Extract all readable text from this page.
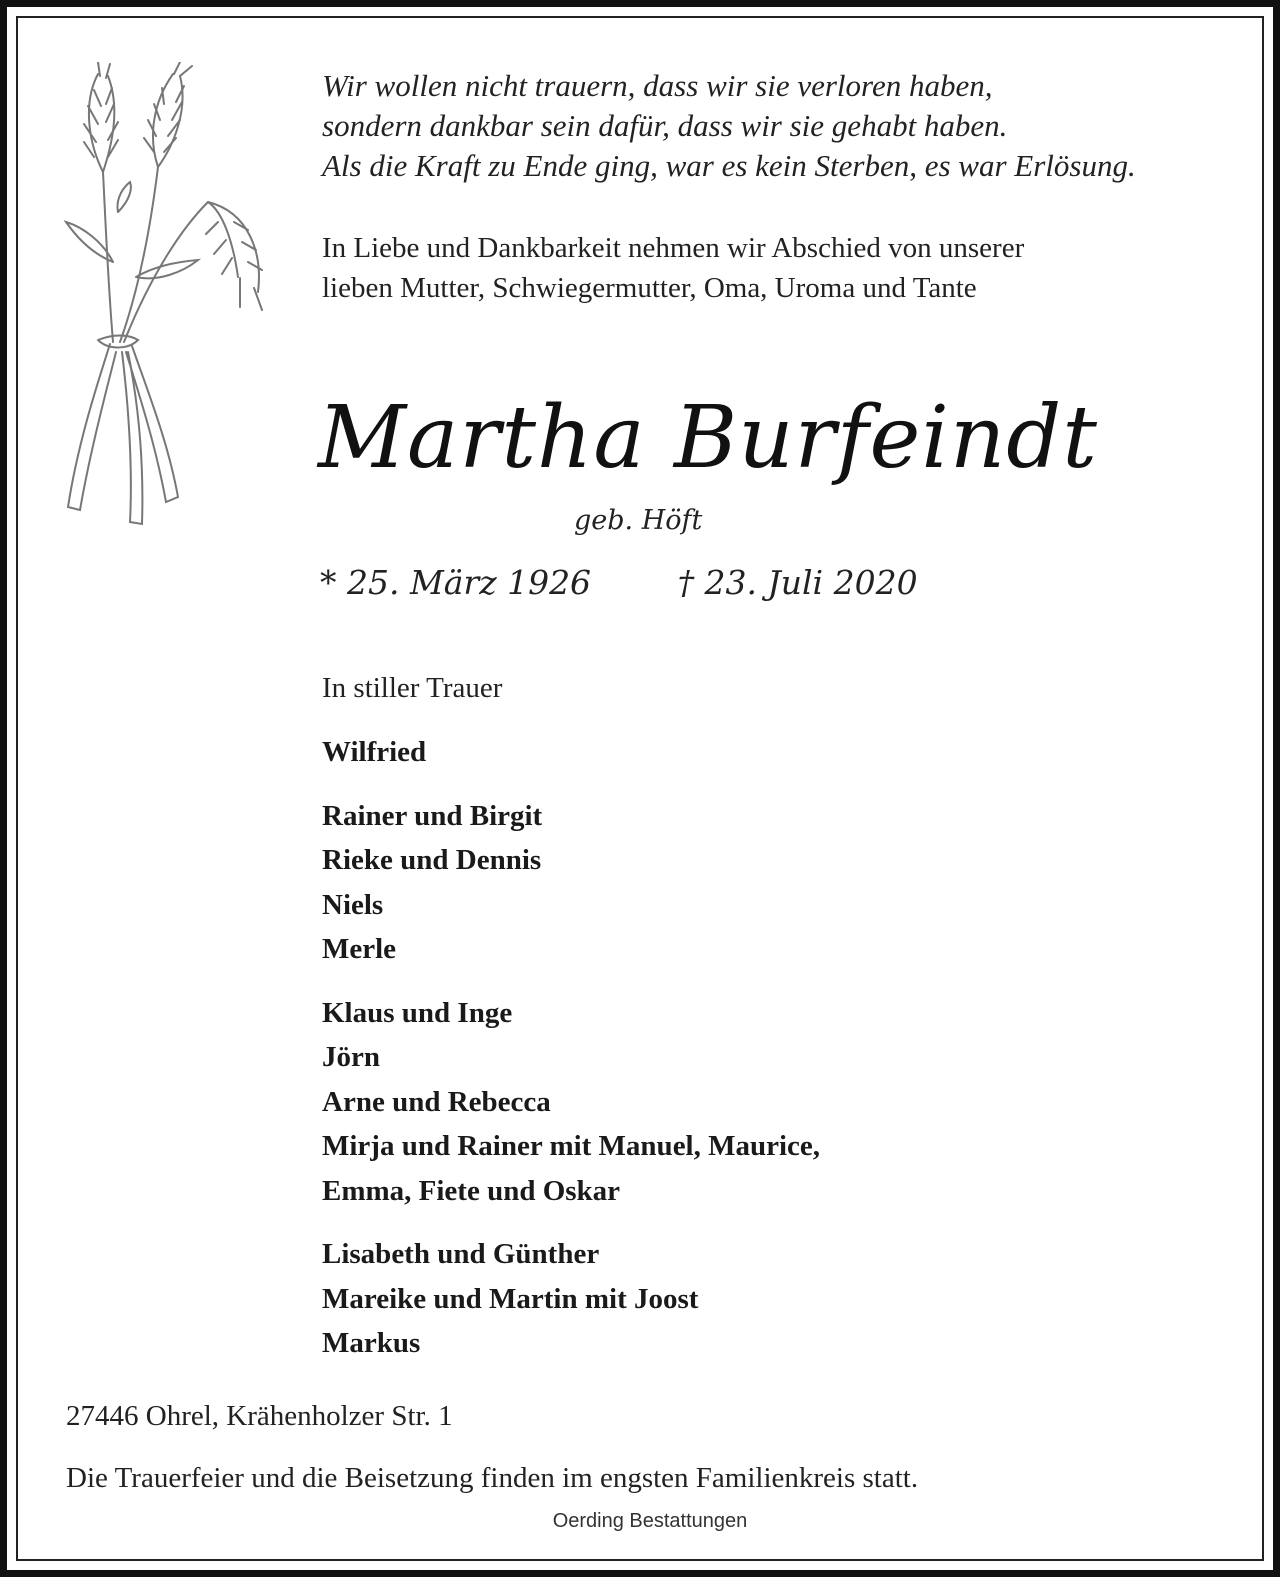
Wir wollen nicht trauern, dass wir sie verloren haben,
sondern dankbar sein dafür, dass wir sie gehabt haben.
Als die Kraft zu Ende ging, war es kein Sterben, es war Erlösung.
In Liebe und Dankbarkeit nehmen wir Abschied von unserer
lieben Mutter, Schwiegermutter, Oma, Uroma und Tante
Martha Burfeindt
geb. Höft
* 25. März 1926	† 23. Juli 2020
In stiller Trauer
Wilfried
Rainer und Birgit
Rieke und Dennis
Niels
Merle
Klaus und Inge
Jörn
Arne und Rebecca
Mirja und Rainer mit Manuel, Maurice,
Emma, Fiete und Oskar
Lisabeth und Günther
Mareike und Martin mit Joost
Markus
27446 Ohrel, Krähenholzer Str. 1
Die Trauerfeier und die Beisetzung finden im engsten Familienkreis statt.
Oerding Bestattungen
